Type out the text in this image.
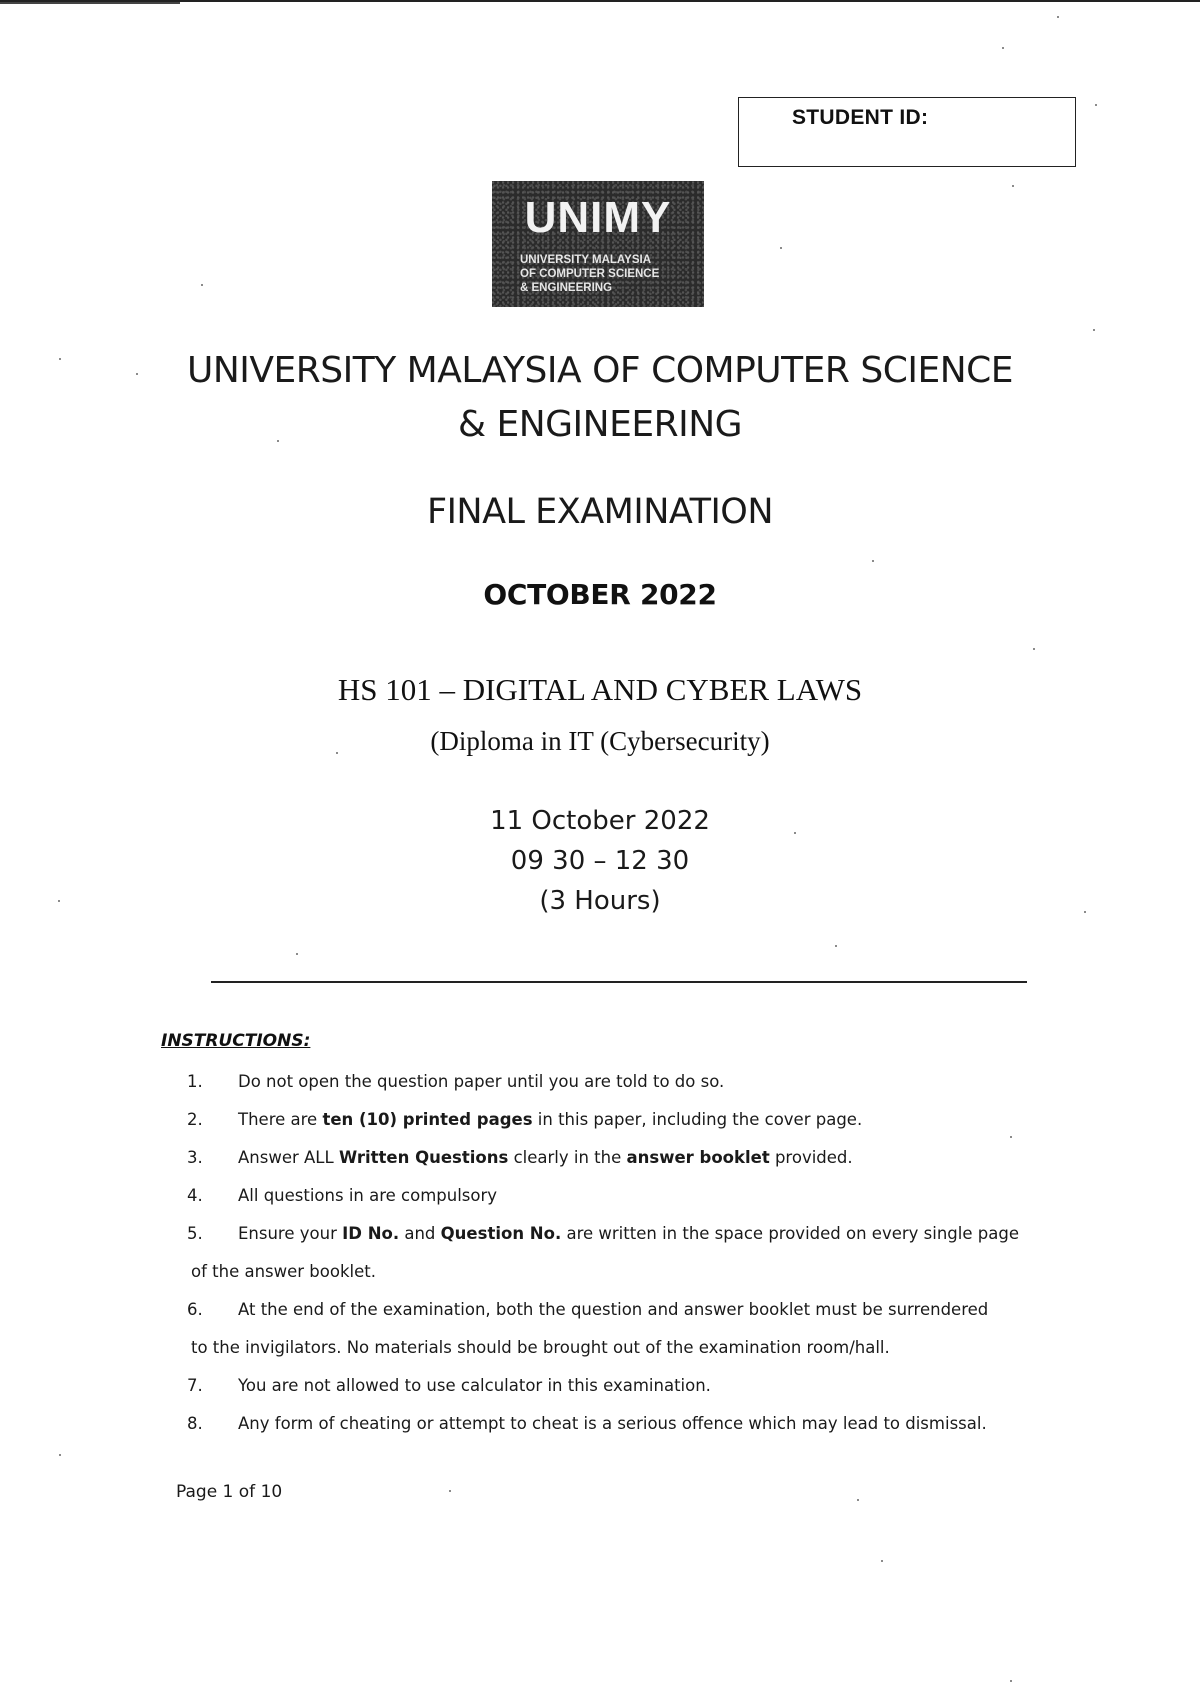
STUDENT ID:
UNIMY
UNIVERSITY MALAYSIA
OF COMPUTER SCIENCE
& ENGINEERING
UNIVERSITY MALAYSIA OF COMPUTER SCIENCE
& ENGINEERING
FINAL EXAMINATION
OCTOBER 2022
HS 101 – DIGITAL AND CYBER LAWS
(Diploma in IT (Cybersecurity)
11 October 2022
09 30 – 12 30
(3 Hours)
INSTRUCTIONS:
1. Do not open the question paper until you are told to do so.
2. There are ten (10) printed pages in this paper, including the cover page.
3. Answer ALL Written Questions clearly in the answer booklet provided.
4. All questions in are compulsory
5. Ensure your ID No. and Question No. are written in the space provided on every single page
of the answer booklet.
6. At the end of the examination, both the question and answer booklet must be surrendered
to the invigilators. No materials should be brought out of the examination room/hall.
7. You are not allowed to use calculator in this examination.
8. Any form of cheating or attempt to cheat is a serious offence which may lead to dismissal.
Page 1 of 10
